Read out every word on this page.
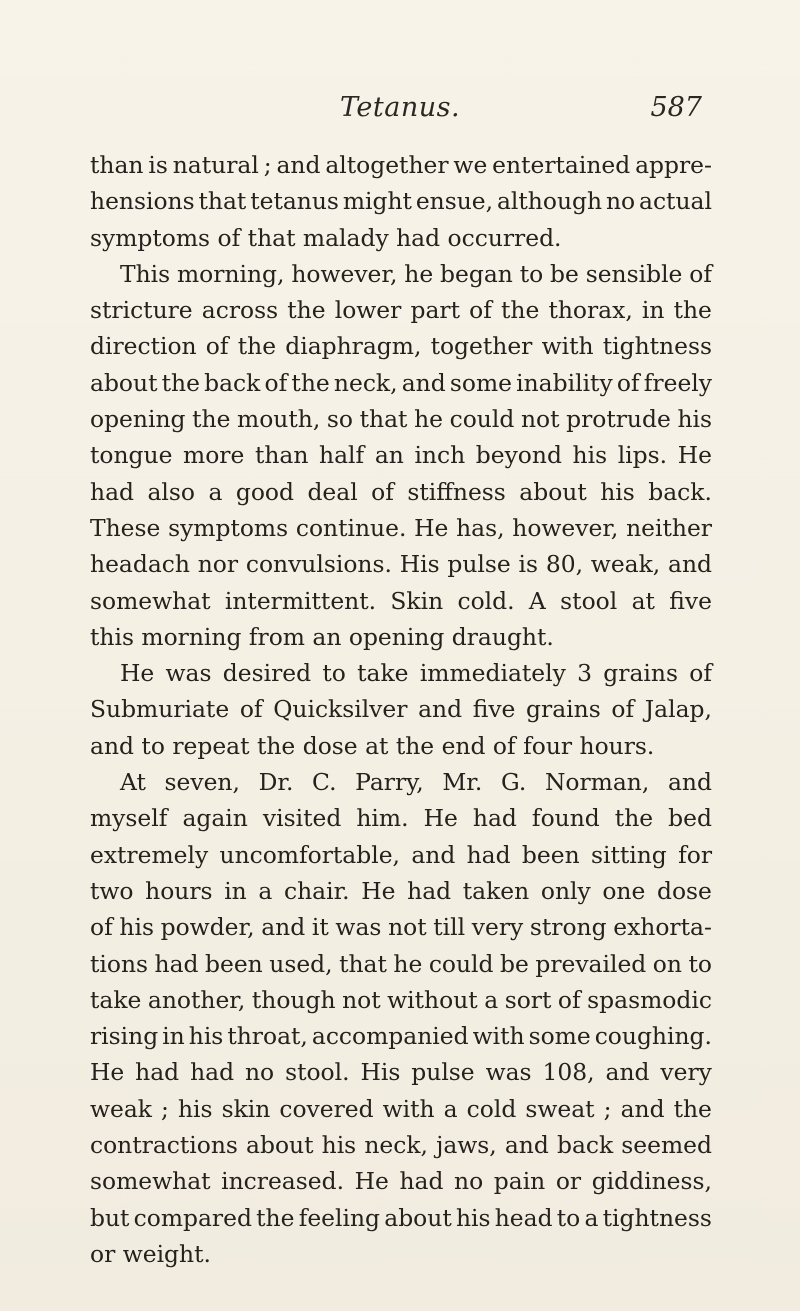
Tetanus.	587
than is natural ; and altogether we entertained appre-
hensions that tetanus might ensue, although no actual
symptoms of that malady had occurred.
This morning, however, he began to be sensible of
stricture across the lower part of the thorax, in the
direction of the diaphragm, together with tightness
about the back of the neck, and some inability of freely
opening the mouth, so that he could not protrude his
tongue more than half an inch beyond his lips. He
had also a good deal of stiffness about his back.
These symptoms continue. He has, however, neither
headach nor convulsions. His pulse is 80, weak, and
somewhat intermittent. Skin cold. A stool at five
this morning from an opening draught.
He was desired to take immediately 3 grains of
Submuriate of Quicksilver and five grains of Jalap,
and to repeat the dose at the end of four hours.
At seven, Dr. C. Parry, Mr. G. Norman, and
myself again visited him. He had found the bed
extremely uncomfortable, and had been sitting for
two hours in a chair. He had taken only one dose
of his powder, and it was not till very strong exhorta-
tions had been used, that he could be prevailed on to
take another, though not without a sort of spasmodic
rising in his throat, accompanied with some coughing.
He had had no stool. His pulse was 108, and very
weak ; his skin covered with a cold sweat ; and the
contractions about his neck, jaws, and back seemed
somewhat increased. He had no pain or giddiness,
but compared the feeling about his head to a tightness
or weight.
